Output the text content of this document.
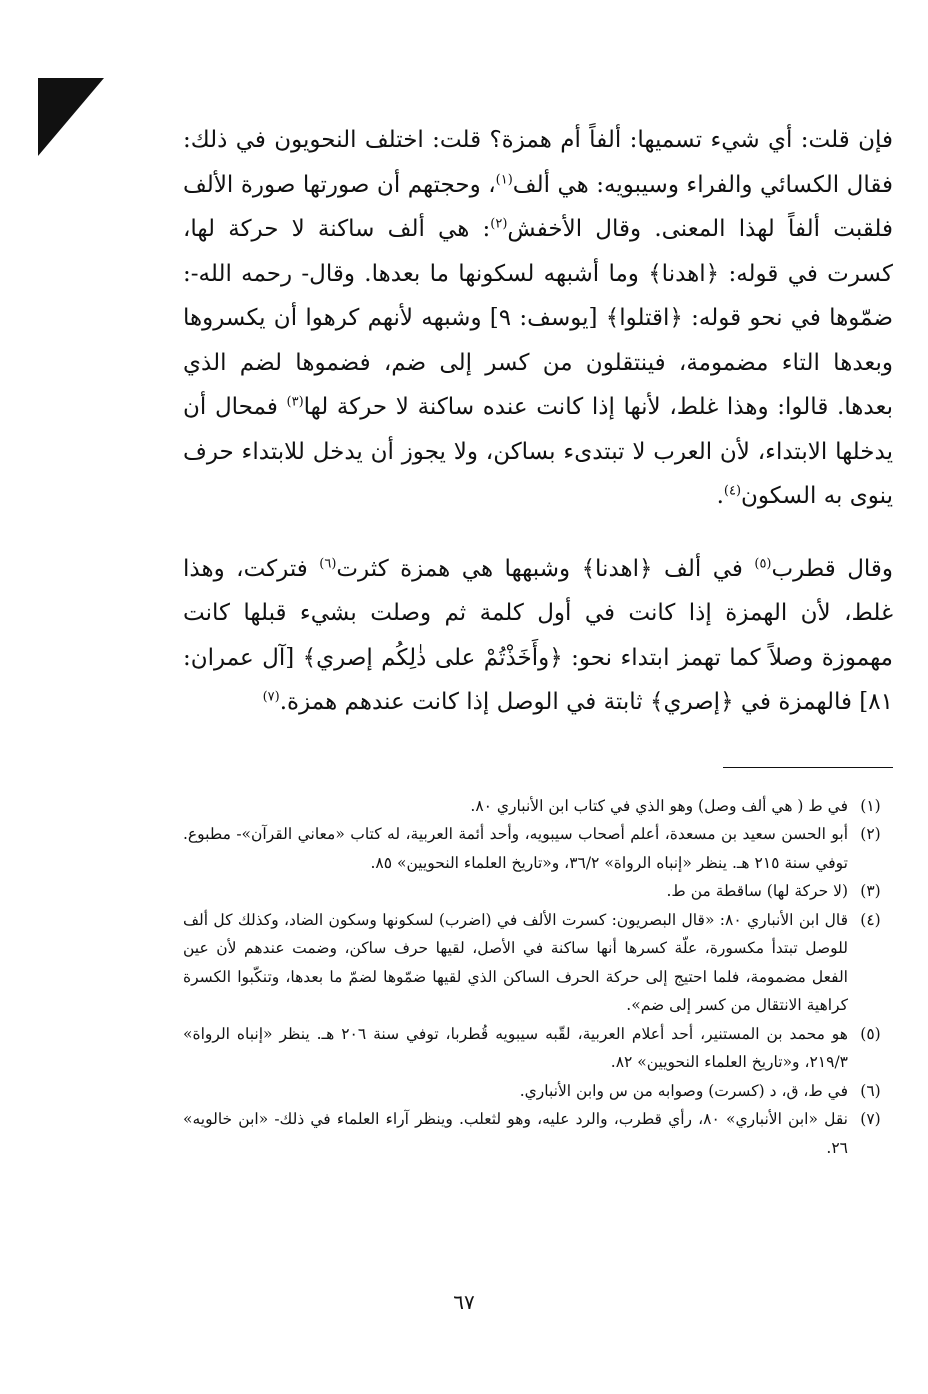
فإن قلت: أي شيء تسميها: ألفاً أم همزة؟ قلت: اختلف النحويون في ذلك: فقال الكسائي والفراء وسيبويه: هي ألف$^{(١)}$، وحجتهم أن صورتها صورة الألف فلقبت ألفاً لهذا المعنى. وقال الأخفش$^{(٢)}$: هي ألف ساكنة لا حركة لها، كسرت في قوله: ﴿اهدنا﴾ وما أشبهه لسكونها ما بعدها. وقال- رحمه الله-: ضمّوها في نحو قوله: ﴿اقتلوا﴾ [يوسف: ٩] وشبهه لأنهم كرهوا أن يكسروها وبعدها التاء مضمومة، فينتقلون من كسر إلى ضم، فضموها لضم الذي بعدها. قالوا: وهذا غلط، لأنها إذا كانت عنده ساكنة لا حركة لها$^{(٣)}$ فمحال أن يدخلها الابتداء، لأن العرب لا تبتدىء بساكن، ولا يجوز أن يدخل للابتداء حرف ينوى به السكون$^{(٤)}$.

وقال قطرب$^{(٥)}$ في ألف ﴿اهدنا﴾ وشبهها هي همزة كثرت$^{(٦)}$ فتركت، وهذا غلط، لأن الهمزة إذا كانت في أول كلمة ثم وصلت بشيء قبلها كانت مهموزة وصلاً كما تهمز ابتداء نحو: ﴿وأَخَذْتُمْ على ذٰلِكُم إصري﴾ [آل عمران: ٨١] فالهمزة في ﴿إصري﴾ ثابتة في الوصل إذا كانت عندهم همزة.$^{(٧)}$

(١)
في ط ( هي ألف وصل) وهو الذي في كتاب ابن الأنباري ٨٠.
(٢)
أبو الحسن سعيد بن مسعدة، أعلم أصحاب سيبويه، وأحد أئمة العربية، له كتاب «معاني القرآن»- مطبوع. توفي سنة ٢١٥ هـ. ينظر «إنباه الرواة» ٣٦/٢، و«تاريخ العلماء النحويين» ٨٥.
(٣)
(لا حركة لها) ساقطة من ط.
(٤)
قال ابن الأنباري ٨٠: «قال البصريون: كسرت الألف في (اضرب) لسكونها وسكون الضاد، وكذلك كل ألف للوصل تبتدأ مكسورة، علّة كسرها أنها ساكنة في الأصل، لقيها حرف ساكن، وضمت عندهم لأن عين الفعل مضمومة، فلما احتيج إلى حركة الحرف الساكن الذي لقيها ضمّوها لضمّ ما بعدها، وتنكّبوا الكسرة كراهية الانتقال من كسر إلى ضم».
(٥)
هو محمد بن المستنير، أحد أعلام العربية، لقّبه سيبويه قُطربا، توفي سنة ٢٠٦ هـ. ينظر «إنباه الرواة» ٢١٩/٣، و«تاريخ العلماء النحويين» ٨٢.
(٦)
في ط، ق، د (كسرت) وصوابه من س وابن الأنباري.
(٧)
نقل «ابن الأنباري» ٨٠، رأي قطرب، والرد عليه، وهو لثعلب. وينظر آراء العلماء في ذلك- «ابن خالويه» ٢٦.
٦٧
